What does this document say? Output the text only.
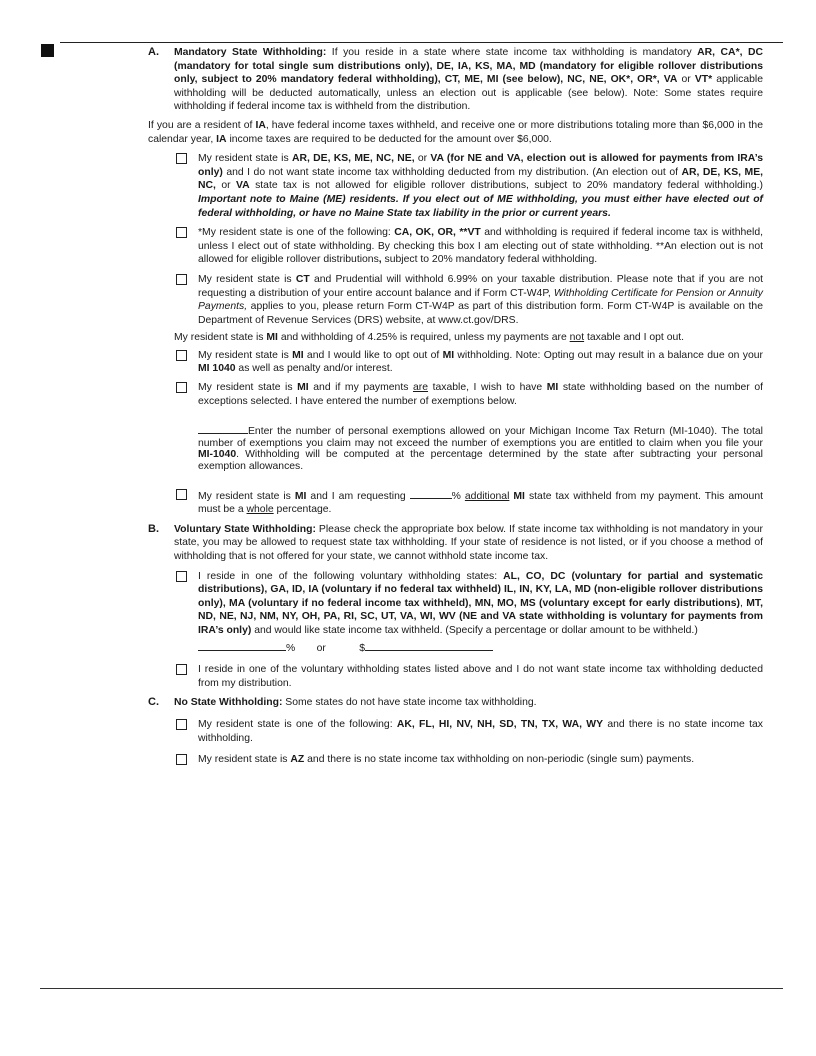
A. Mandatory State Withholding: If you reside in a state where state income tax withholding is mandatory AR, CA*, DC (mandatory for total single sum distributions only), DE, IA, KS, MA, MD (mandatory for eligible rollover distributions only, subject to 20% mandatory federal withholding), CT, ME, MI (see below), NC, NE, OK*, OR*, VA or VT* applicable withholding will be deducted automatically, unless an election out is applicable (see below). Note: Some states require withholding if federal income tax is withheld from the distribution.

If you are a resident of IA, have federal income taxes withheld, and receive one or more distributions totaling more than $6,000 in the calendar year, IA income taxes are required to be deducted for the amount over $6,000.

My resident state is AR, DE, KS, ME, NC, NE, or VA (for NE and VA, election out is allowed for payments from IRA’s only) and I do not want state income tax withholding deducted from my distribution. (An election out of AR, DE, KS, ME, NC, or VA state tax is not allowed for eligible rollover distributions, subject to 20% mandatory federal withholding.) Important note to Maine (ME) residents. If you elect out of ME withholding, you must either have elected out of federal withholding, or have no Maine State tax liability in the prior or current years.

*My resident state is one of the following: CA, OK, OR, **VT and withholding is required if federal income tax is withheld, unless I elect out of state withholding. By checking this box I am electing out of state withholding. **An election out is not allowed for eligible rollover distributions, subject to 20% mandatory federal withholding.

My resident state is CT and Prudential will withhold 6.99% on your taxable distribution. Please note that if you are not requesting a distribution of your entire account balance and if Form CT-W4P, Withholding Certificate for Pension or Annuity Payments, applies to you, please return Form CT-W4P as part of this distribution form. Form CT-W4P is available on the Department of Revenue Services (DRS) website, at www.ct.gov/DRS.

My resident state is MI and withholding of 4.25% is required, unless my payments are not taxable and I opt out.

My resident state is MI and I would like to opt out of MI withholding. Note: Opting out may result in a balance due on your MI 1040 as well as penalty and/or interest.

My resident state is MI and if my payments are taxable, I wish to have MI state withholding based on the number of exceptions selected. I have entered the number of exemptions below.

Enter the number of personal exemptions allowed on your Michigan Income Tax Return (MI-1040). The total number of exemptions you claim may not exceed the number of exemptions you are entitled to claim when you file your MI-1040. Withholding will be computed at the percentage determined by the state after subtracting your personal exemption allowances.

My resident state is MI and I am requesting	% additional MI state tax withheld from my payment. This amount must be a whole percentage.

B. Voluntary State Withholding: Please check the appropriate box below. If state income tax withholding is not mandatory in your state, you may be allowed to request state tax withholding. If your state of residence is not listed, or if you choose a method of withholding that is not offered for your state, we cannot withhold state income tax.

I reside in one of the following voluntary withholding states: AL, CO, DC (voluntary for partial and systematic distributions), GA, ID, IA (voluntary if no federal tax withheld) IL, IN, KY, LA, MD (non-eligible rollover distributions only), MA (voluntary if no federal income tax withheld), MN, MO, MS (voluntary except for early distributions), MT, ND, NE, NJ, NM, NY, OH, PA, RI, SC, UT, VA, WI, WV (NE and VA state withholding is voluntary for payments from IRA’s only) and would like state income tax withheld. (Specify a percentage or dollar amount to be withheld.)

%	or	$

I reside in one of the voluntary withholding states listed above and I do not want state income tax withholding deducted from my distribution.

C. No State Withholding: Some states do not have state income tax withholding.

My resident state is one of the following: AK, FL, HI, NV, NH, SD, TN, TX, WA, WY and there is no state income tax withholding.

My resident state is AZ and there is no state income tax withholding on non-periodic (single sum) payments.
